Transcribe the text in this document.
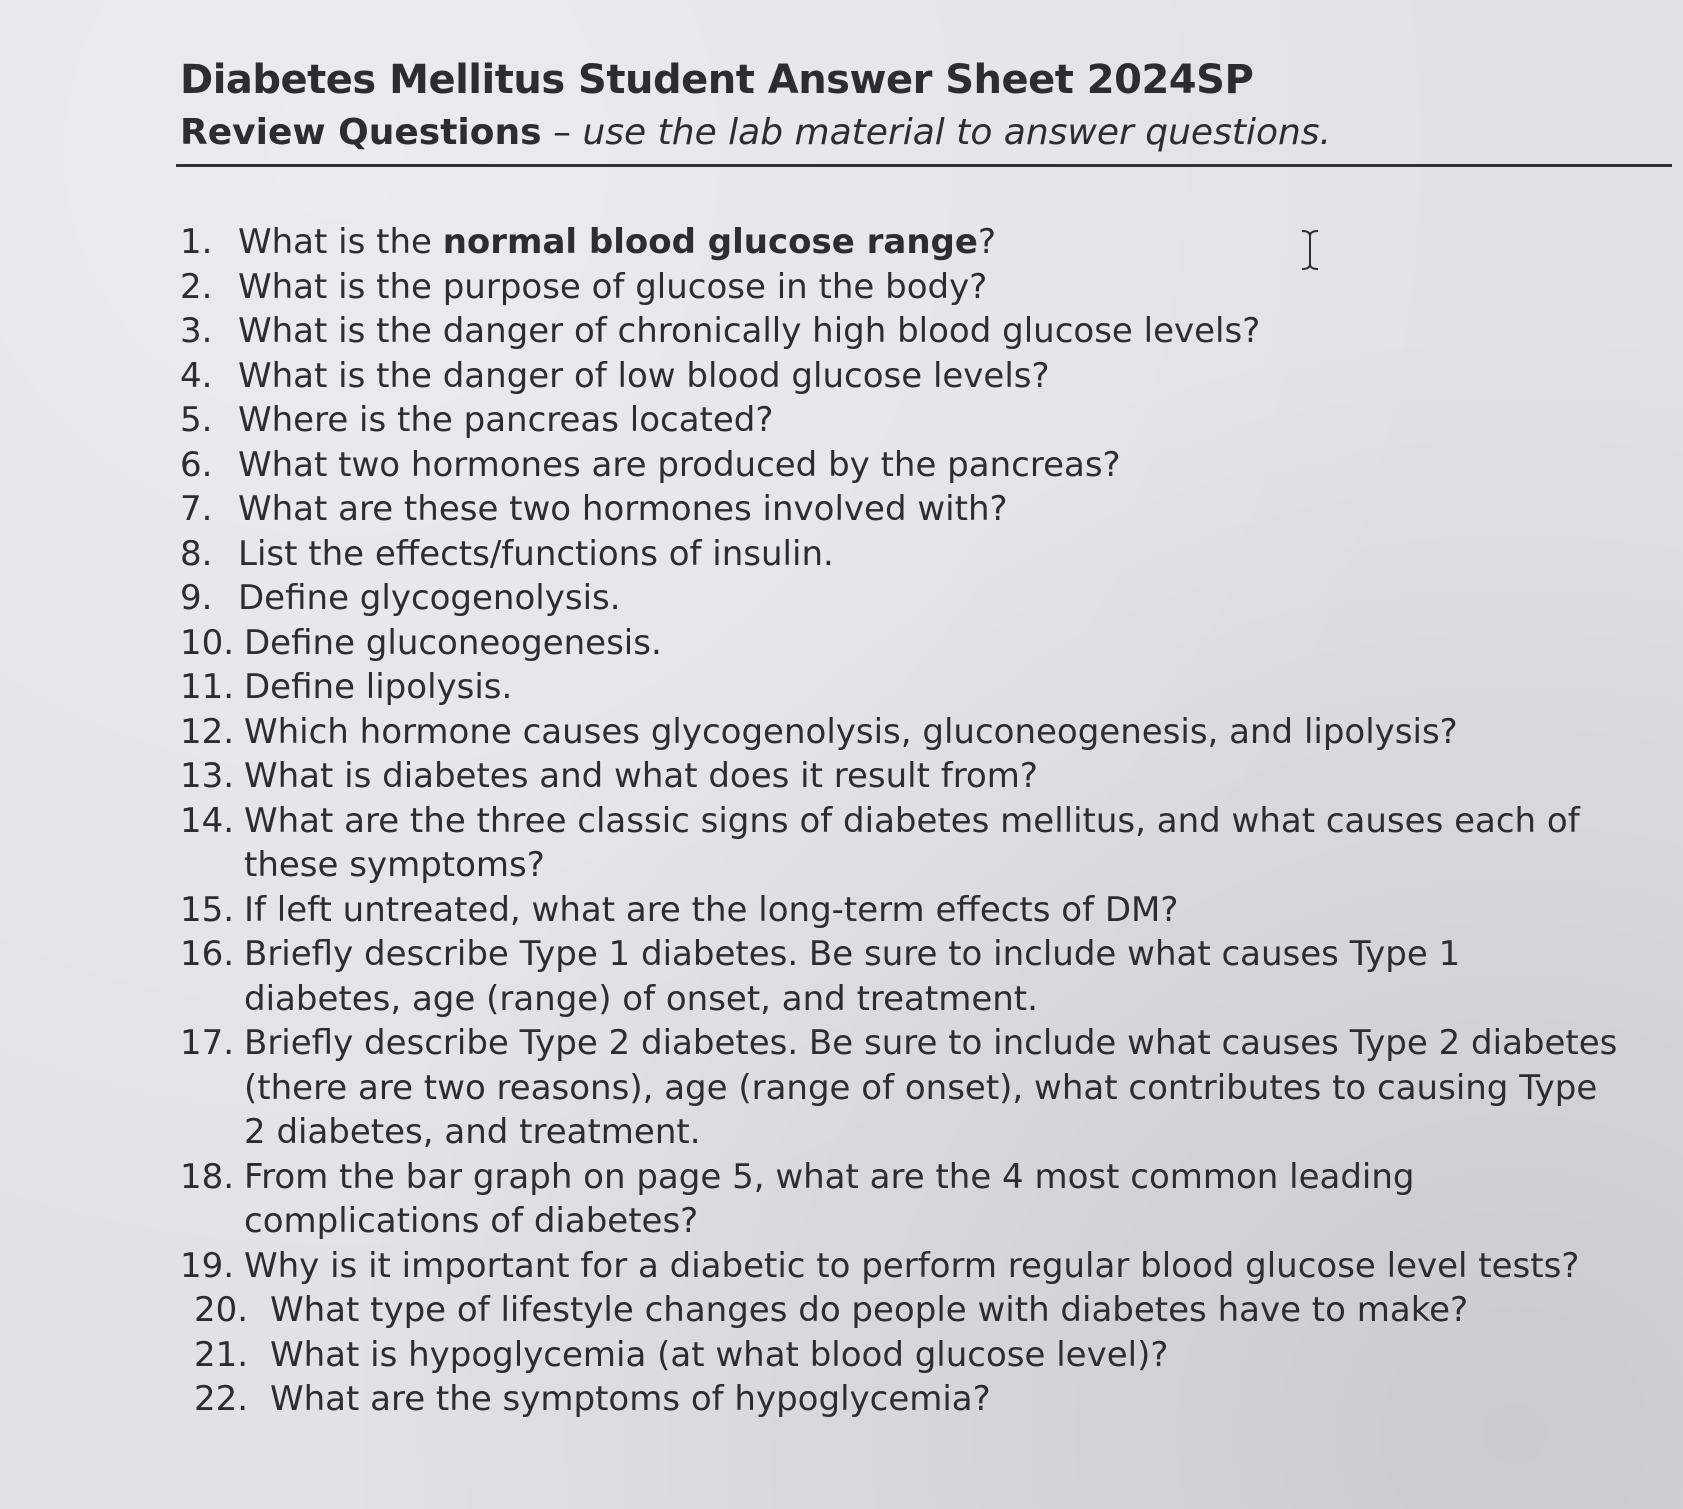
Diabetes Mellitus Student Answer Sheet 2024SP

Review Questions – use the lab material to answer questions.

1. What is the normal blood glucose range?
2. What is the purpose of glucose in the body?
3. What is the danger of chronically high blood glucose levels?
4. What is the danger of low blood glucose levels?
5. Where is the pancreas located?
6. What two hormones are produced by the pancreas?
7. What are these two hormones involved with?
8. List the effects/functions of insulin.
9. Define glycogenolysis.
10. Define gluconeogenesis.
11. Define lipolysis.
12. Which hormone causes glycogenolysis, gluconeogenesis, and lipolysis?
13. What is diabetes and what does it result from?
14. What are the three classic signs of diabetes mellitus, and what causes each of these symptoms?
15. If left untreated, what are the long-term effects of DM?
16. Briefly describe Type 1 diabetes. Be sure to include what causes Type 1 diabetes, age (range) of onset, and treatment.
17. Briefly describe Type 2 diabetes. Be sure to include what causes Type 2 diabetes (there are two reasons), age (range of onset), what contributes to causing Type 2 diabetes, and treatment.
18. From the bar graph on page 5, what are the 4 most common leading complications of diabetes?
19. Why is it important for a diabetic to perform regular blood glucose level tests?
20. What type of lifestyle changes do people with diabetes have to make?
21. What is hypoglycemia (at what blood glucose level)?
22. What are the symptoms of hypoglycemia?
